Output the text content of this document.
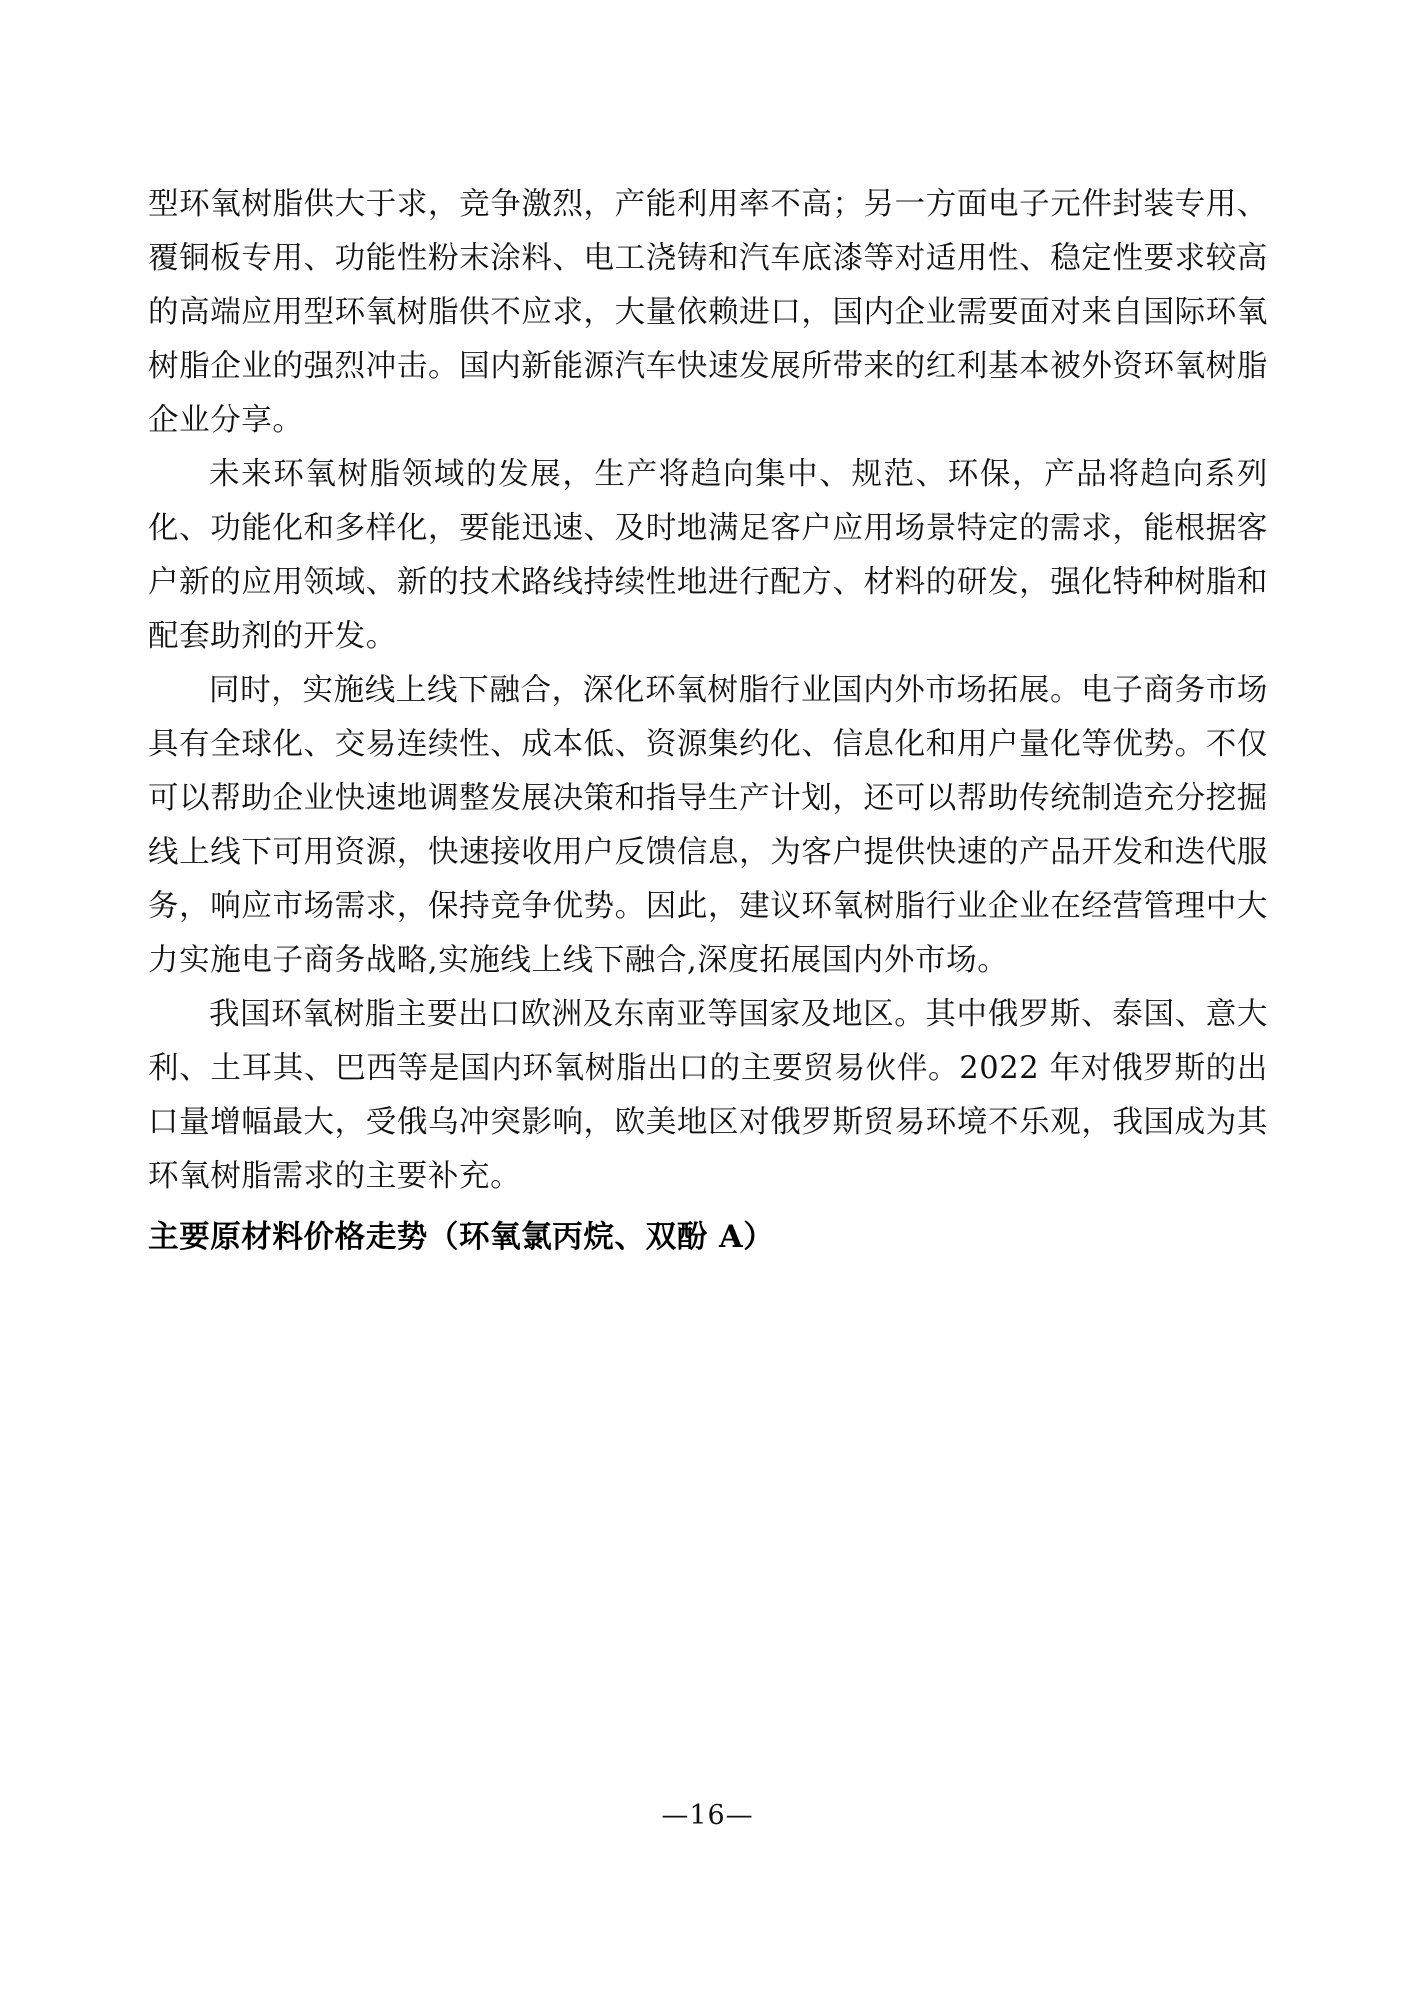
型环氧树脂供大于求，竞争激烈，产能利用率不高；另一方面电子元件封装专用、覆铜板专用、功能性粉末涂料、电工浇铸和汽车底漆等对适用性、稳定性要求较高的高端应用型环氧树脂供不应求，大量依赖进口，国内企业需要面对来自国际环氧树脂企业的强烈冲击。国内新能源汽车快速发展所带来的红利基本被外资环氧树脂企业分享。

未来环氧树脂领域的发展，生产将趋向集中、规范、环保，产品将趋向系列化、功能化和多样化，要能迅速、及时地满足客户应用场景特定的需求，能根据客户新的应用领域、新的技术路线持续性地进行配方、材料的研发，强化特种树脂和配套助剂的开发。

同时，实施线上线下融合，深化环氧树脂行业国内外市场拓展。电子商务市场具有全球化、交易连续性、成本低、资源集约化、信息化和用户量化等优势。不仅可以帮助企业快速地调整发展决策和指导生产计划，还可以帮助传统制造充分挖掘线上线下可用资源，快速接收用户反馈信息，为客户提供快速的产品开发和迭代服务，响应市场需求，保持竞争优势。因此，建议环氧树脂行业企业在经营管理中大力实施电子商务战略,实施线上线下融合,深度拓展国内外市场。

我国环氧树脂主要出口欧洲及东南亚等国家及地区。其中俄罗斯、泰国、意大利、土耳其、巴西等是国内环氧树脂出口的主要贸易伙伴。2022 年对俄罗斯的出口量增幅最大，受俄乌冲突影响，欧美地区对俄罗斯贸易环境不乐观，我国成为其环氧树脂需求的主要补充。

主要原材料价格走势（环氧氯丙烷、双酚 A）
—16—
